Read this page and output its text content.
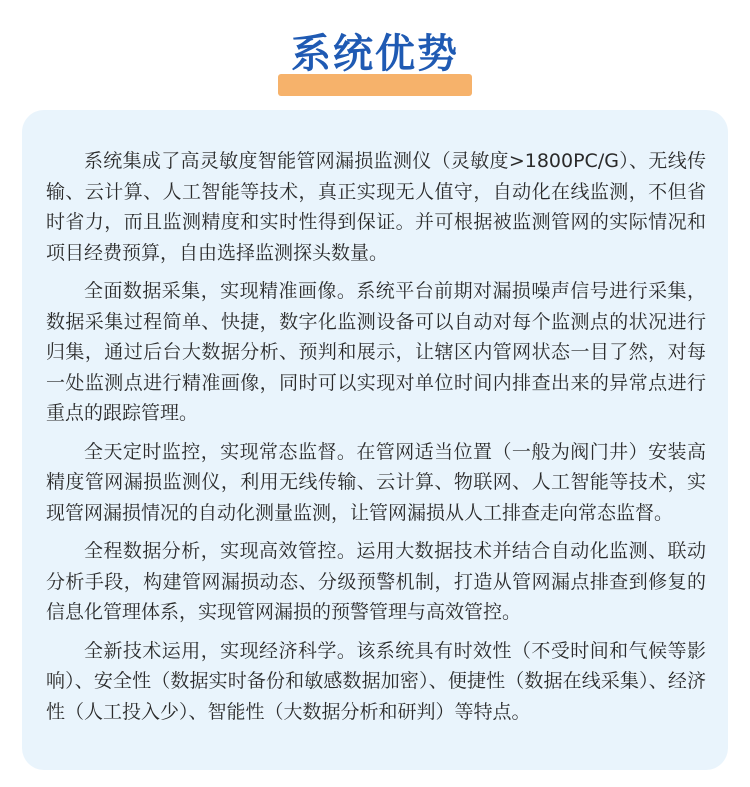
系统优势

系统集成了高灵敏度智能管网漏损监测仪（灵敏度>1800PC/G）、无线传输、云计算、人工智能等技术，真正实现无人值守，自动化在线监测，不但省时省力，而且监测精度和实时性得到保证。并可根据被监测管网的实际情况和项目经费预算，自由选择监测探头数量。

全面数据采集，实现精准画像。系统平台前期对漏损噪声信号进行采集，数据采集过程简单、快捷，数字化监测设备可以自动对每个监测点的状况进行归集，通过后台大数据分析、预判和展示，让辖区内管网状态一目了然，对每一处监测点进行精准画像，同时可以实现对单位时间内排查出来的异常点进行重点的跟踪管理。

全天定时监控，实现常态监督。在管网适当位置（一般为阀门井）安装高精度管网漏损监测仪，利用无线传输、云计算、物联网、人工智能等技术，实现管网漏损情况的自动化测量监测，让管网漏损从人工排查走向常态监督。

全程数据分析，实现高效管控。运用大数据技术并结合自动化监测、联动分析手段，构建管网漏损动态、分级预警机制，打造从管网漏点排查到修复的信息化管理体系，实现管网漏损的预警管理与高效管控。

全新技术运用，实现经济科学。该系统具有时效性（不受时间和气候等影响）、安全性（数据实时备份和敏感数据加密）、便捷性（数据在线采集）、经济性（人工投入少）、智能性（大数据分析和研判）等特点。
